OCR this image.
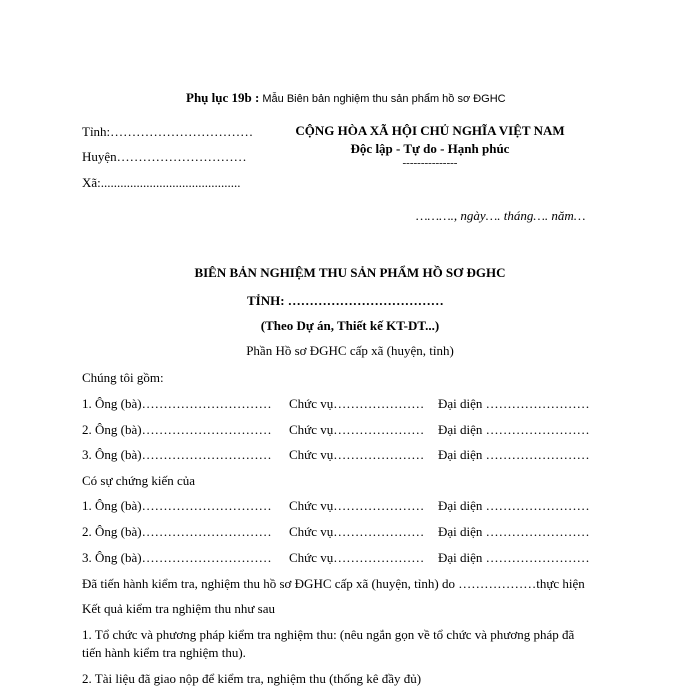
Phụ lục 19b : Mẫu Biên bản nghiệm thu sản phẩm hồ sơ ĐGHC
Tỉnh:……………………………
Huyện…………………………
Xã:...........................................
CỘNG HÒA XÃ HỘI CHỦ NGHĨA VIỆT NAM
Độc lập - Tự do - Hạnh phúc
---------------
………., ngày…. tháng…. năm…
BIÊN BẢN NGHIỆM THU SẢN PHẨM HỒ SƠ ĐGHC
TỈNH: ………………………………
(Theo Dự án, Thiết kế KT-DT...)
Phần Hồ sơ ĐGHC cấp xã (huyện, tỉnh)
Chúng tôi gồm:
1. Ông (bà)………………………… Chức vụ………………… Đại diện ……………………
2. Ông (bà)………………………… Chức vụ………………… Đại diện ……………………
3. Ông (bà)………………………… Chức vụ………………… Đại diện ……………………
Có sự chứng kiến của
1. Ông (bà)………………………… Chức vụ………………… Đại diện ……………………
2. Ông (bà)………………………… Chức vụ………………… Đại diện ……………………
3. Ông (bà)………………………… Chức vụ………………… Đại diện ……………………
Đã tiến hành kiểm tra, nghiệm thu hồ sơ ĐGHC cấp xã (huyện, tỉnh) do ………………thực hiện
Kết quả kiểm tra nghiệm thu như sau
1. Tổ chức và phương pháp kiểm tra nghiệm thu: (nêu ngắn gọn về tổ chức và phương pháp đã
tiến hành kiểm tra nghiệm thu).
2. Tài liệu đã giao nộp để kiểm tra, nghiệm thu (thống kê đầy đủ)
